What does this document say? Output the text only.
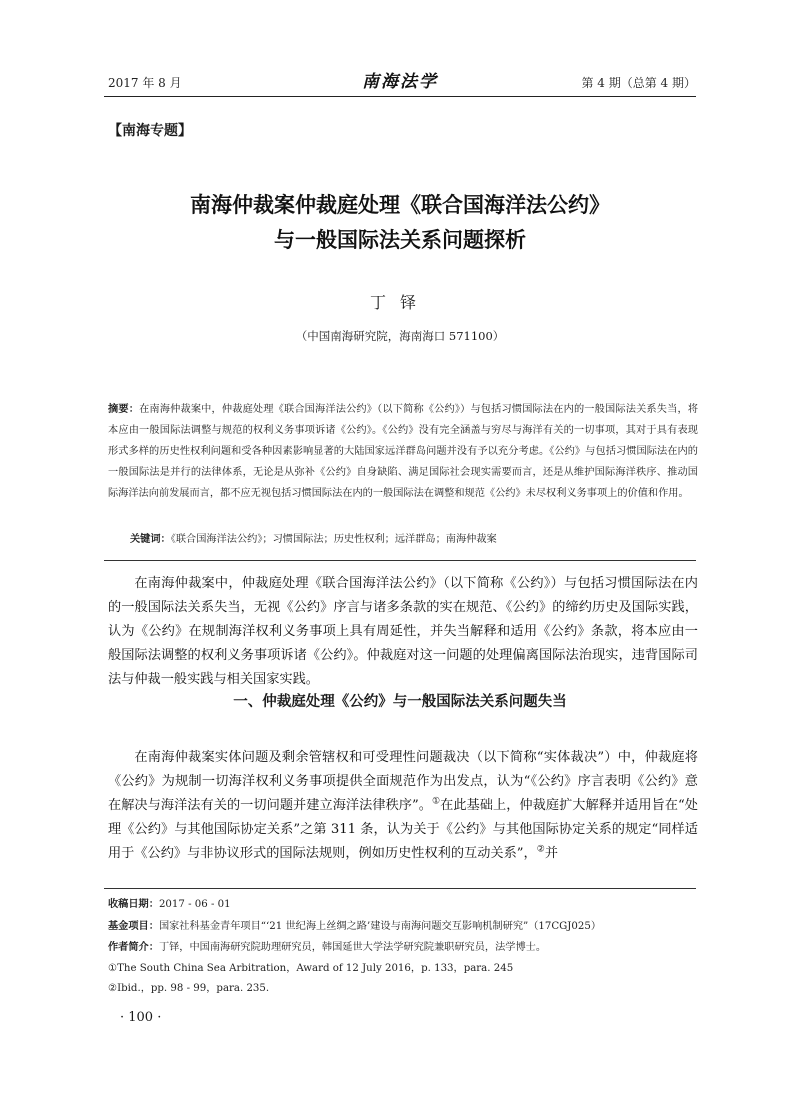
2017 年 8 月	南海法学	第 4 期（总第 4 期）
【南海专题】
南海仲裁案仲裁庭处理《联合国海洋法公约》
与一般国际法关系问题探析
丁铎
（中国南海研究院，海南海口 571100）
摘要：在南海仲裁案中，仲裁庭处理《联合国海洋法公约》（以下简称《公约》）与包括习惯国际法在内的一般国际法关系失当，将本应由一般国际法调整与规范的权利义务事项诉诸《公约》。《公约》没有完全涵盖与穷尽与海洋有关的一切事项，其对于具有表现形式多样的历史性权利问题和受各种因素影响显著的大陆国家远洋群岛问题并没有予以充分考虑。《公约》与包括习惯国际法在内的一般国际法是并行的法律体系，无论是从弥补《公约》自身缺陷、满足国际社会现实需要而言，还是从维护国际海洋秩序、推动国际海洋法向前发展而言，都不应无视包括习惯国际法在内的一般国际法在调整和规范《公约》未尽权利义务事项上的价值和作用。
关键词：《联合国海洋法公约》；习惯国际法；历史性权利；远洋群岛；南海仲裁案

在南海仲裁案中，仲裁庭处理《联合国海洋法公约》（以下简称《公约》）与包括习惯国际法在内的一般国际法关系失当，无视《公约》序言与诸多条款的实在规范、《公约》的缔约历史及国际实践，认为《公约》在规制海洋权利义务事项上具有周延性，并失当解释和适用《公约》条款，将本应由一般国际法调整的权利义务事项诉诸《公约》。仲裁庭对这一问题的处理偏离国际法治现实，违背国际司法与仲裁一般实践与相关国家实践。

一、仲裁庭处理《公约》与一般国际法关系问题失当

在南海仲裁案实体问题及剩余管辖权和可受理性问题裁决（以下简称“实体裁决”）中，仲裁庭将《公约》为规制一切海洋权利义务事项提供全面规范作为出发点，认为“《公约》序言表明《公约》意在解决与海洋法有关的一切问题并建立海洋法律秩序”。①在此基础上，仲裁庭扩大解释并适用旨在“处理《公约》与其他国际协定关系”之第 311 条，认为关于《公约》与其他国际协定关系的规定“同样适用于《公约》与非协议形式的国际法规则，例如历史性权利的互动关系”，②并

收稿日期：2017 - 06 - 01
基金项目：国家社科基金青年项目“‘21 世纪海上丝绸之路’建设与南海问题交互影响机制研究”（17CGJ025）
作者简介：丁铎，中国南海研究院助理研究员，韩国延世大学法学研究院兼职研究员，法学博士。
①The South China Sea Arbitration，Award of 12 July 2016，p. 133，para. 245
②Ibid.，pp. 98 - 99，para. 235.
· 100 ·
